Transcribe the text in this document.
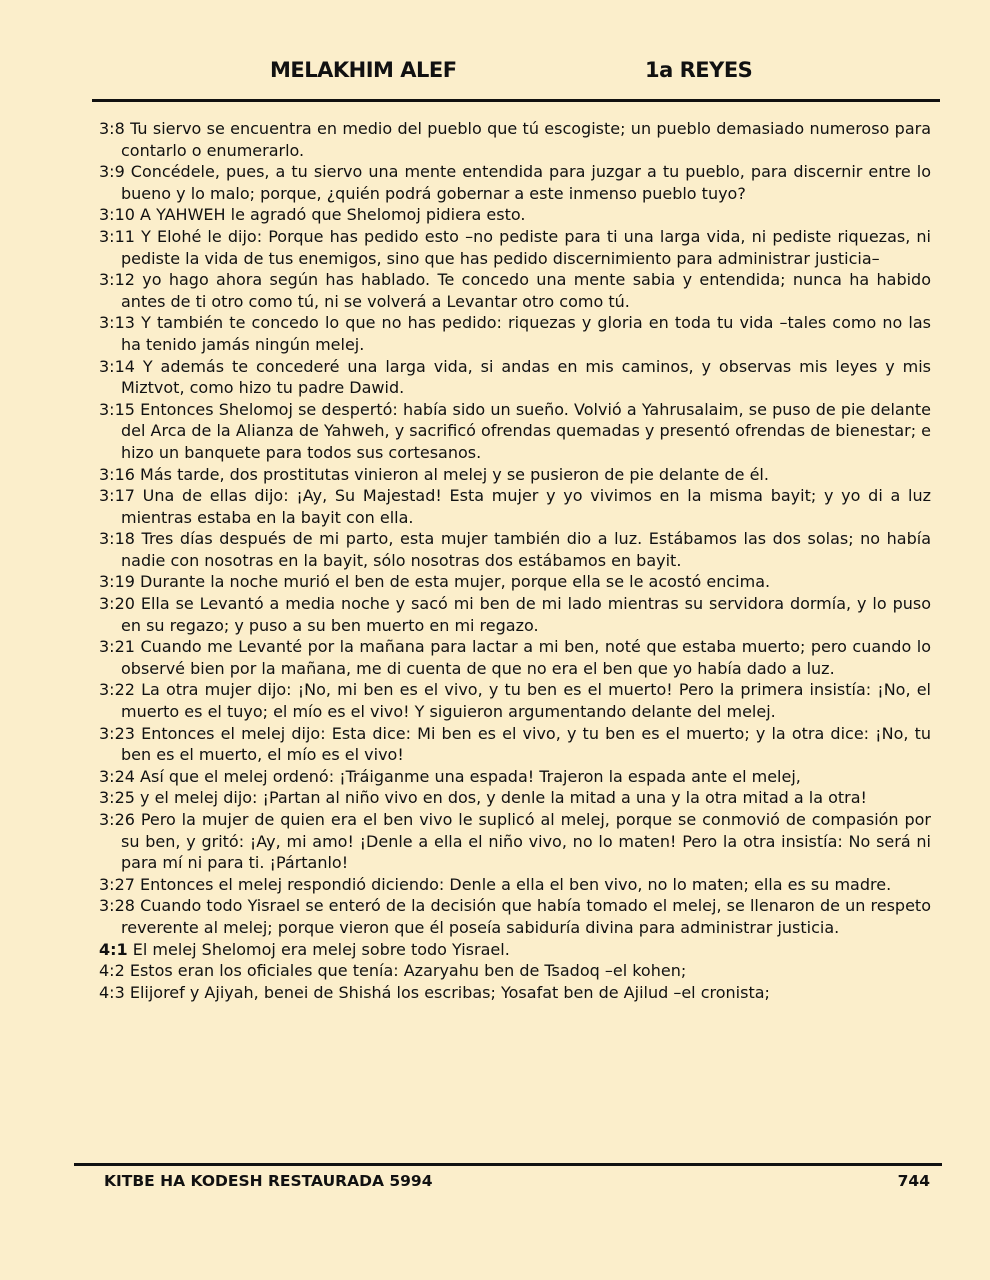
MELAKHIM ALEF	1a REYES

3:8 Tu siervo se encuentra en medio del pueblo que tú escogiste; un pueblo demasiado numeroso para contarlo o enumerarlo.

3:9 Concédele, pues, a tu siervo una mente entendida para juzgar a tu pueblo, para discernir entre lo bueno y lo malo; porque, ¿quién podrá gobernar a este inmenso pueblo tuyo?

3:10 A YAHWEH le agradó que Shelomoj pidiera esto.

3:11 Y Elohé le dijo: Porque has pedido esto –no pediste para ti una larga vida, ni pediste riquezas, ni pediste la vida de tus enemigos, sino que has pedido discernimiento para administrar justicia–

3:12 yo hago ahora según has hablado. Te concedo una mente sabia y entendida; nunca ha habido antes de ti otro como tú, ni se volverá a Levantar otro como tú.

3:13 Y también te concedo lo que no has pedido: riquezas y gloria en toda tu vida –tales como no las ha tenido jamás ningún melej.

3:14 Y además te concederé una larga vida, si andas en mis caminos, y observas mis leyes y mis Miztvot, como hizo tu padre Dawid.

3:15 Entonces Shelomoj se despertó: había sido un sueño. Volvió a Yahrusalaim, se puso de pie delante del Arca de la Alianza de Yahweh, y sacrificó ofrendas quemadas y presentó ofrendas de bienestar; e hizo un banquete para todos sus cortesanos.

3:16 Más tarde, dos prostitutas vinieron al melej y se pusieron de pie delante de él.

3:17 Una de ellas dijo: ¡Ay, Su Majestad! Esta mujer y yo vivimos en la misma bayit; y yo di a luz mientras estaba en la bayit con ella.

3:18 Tres días después de mi parto, esta mujer también dio a luz. Estábamos las dos solas; no había nadie con nosotras en la bayit, sólo nosotras dos estábamos en bayit.

3:19 Durante la noche murió el ben de esta mujer, porque ella se le acostó encima.

3:20 Ella se Levantó a media noche y sacó mi ben de mi lado mientras su servidora dormía, y lo puso en su regazo; y puso a su ben muerto en mi regazo.

3:21 Cuando me Levanté por la mañana para lactar a mi ben, noté que estaba muerto; pero cuando lo observé bien por la mañana, me di cuenta de que no era el ben que yo había dado a luz.

3:22 La otra mujer dijo: ¡No, mi ben es el vivo, y tu ben es el muerto! Pero la primera insistía: ¡No, el muerto es el tuyo; el mío es el vivo! Y siguieron argumentando delante del melej.

3:23 Entonces el melej dijo: Esta dice: Mi ben es el vivo, y tu ben es el muerto; y la otra dice: ¡No, tu ben es el muerto, el mío es el vivo!

3:24 Así que el melej ordenó: ¡Tráiganme una espada! Trajeron la espada ante el melej,

3:25 y el melej dijo: ¡Partan al niño vivo en dos, y denle la mitad a una y la otra mitad a la otra!

3:26 Pero la mujer de quien era el ben vivo le suplicó al melej, porque se conmovió de compasión por su ben, y gritó: ¡Ay, mi amo! ¡Denle a ella el niño vivo, no lo maten! Pero la otra insistía: No será ni para mí ni para ti. ¡Pártanlo!

3:27 Entonces el melej respondió diciendo: Denle a ella el ben vivo, no lo maten; ella es su madre.

3:28 Cuando todo Yisrael se enteró de la decisión que había tomado el melej, se llenaron de un respeto reverente al melej; porque vieron que él poseía sabiduría divina para administrar justicia.

4:1 El melej Shelomoj era melej sobre todo Yisrael.

4:2 Estos eran los oficiales que tenía: Azaryahu ben de Tsadoq –el kohen;

4:3 Elijoref y Ajiyah, benei de Shishá los escribas; Yosafat ben de Ajilud –el cronista;

KITBE HA KODESH RESTAURADA 5994	744
